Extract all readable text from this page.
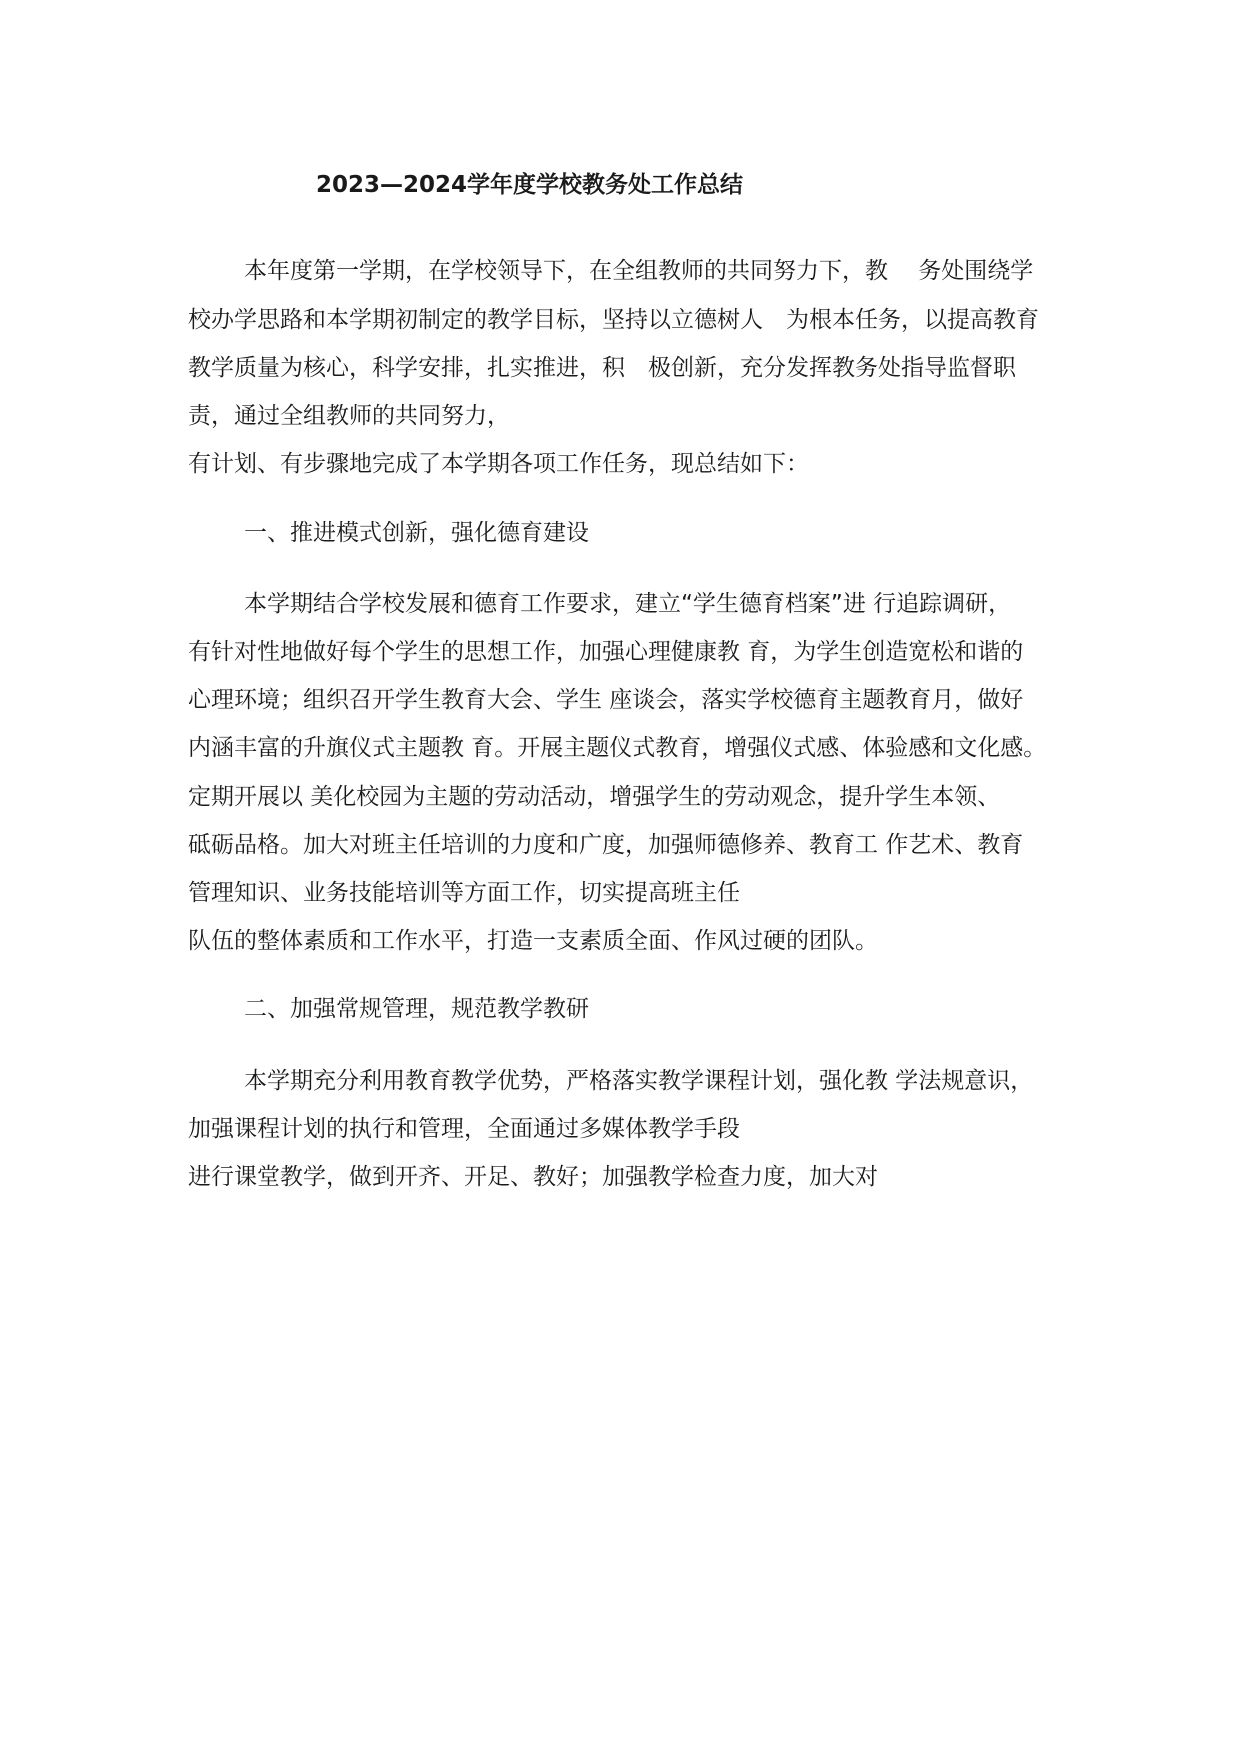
2023—2024学年度学校教务处工作总结
本年度第一学期，在学校领导下，在全组教师的共同努力下，教　 务处围绕学
校办学思路和本学期初制定的教学目标，坚持以立德树人　为根本任务，以提高教育
教学质量为核心，科学安排，扎实推进，积　极创新，充分发挥教务处指导监督职
责，通过全组教师的共同努力，
有计划、有步骤地完成了本学期各项工作任务，现总结如下：
一、推进模式创新，强化德育建设
本学期结合学校发展和德育工作要求，建立“学生德育档案”进 行追踪调研，
有针对性地做好每个学生的思想工作，加强心理健康教 育，为学生创造宽松和谐的
心理环境；组织召开学生教育大会、学生 座谈会，落实学校德育主题教育月，做好
内涵丰富的升旗仪式主题教 育。开展主题仪式教育，增强仪式感、体验感和文化感。
定期开展以 美化校园为主题的劳动活动，增强学生的劳动观念，提升学生本领、
砥砺品格。加大对班主任培训的力度和广度，加强师德修养、教育工 作艺术、教育
管理知识、业务技能培训等方面工作，切实提高班主任
队伍的整体素质和工作水平，打造一支素质全面、作风过硬的团队。
二、加强常规管理，规范教学教研
本学期充分利用教育教学优势，严格落实教学课程计划，强化教 学法规意识，
加强课程计划的执行和管理，全面通过多媒体教学手段
进行课堂教学，做到开齐、开足、教好；加强教学检查力度，加大对
